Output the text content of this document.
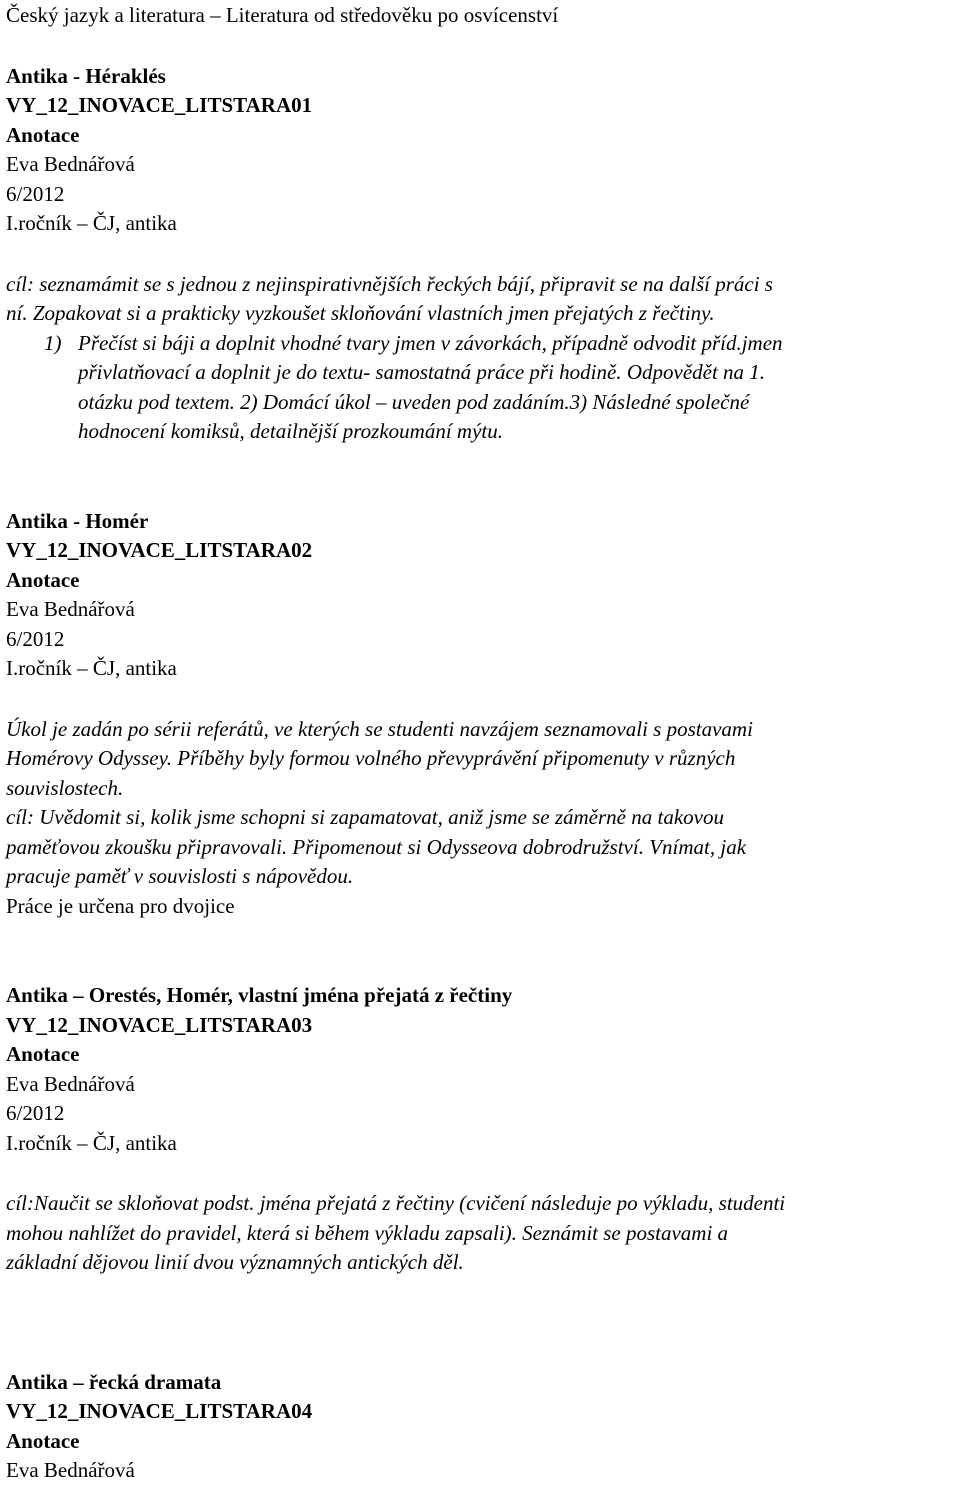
Český jazyk a literatura – Literatura od středověku po osvícenství
Antika - Héraklés
VY_12_INOVACE_LITSTARA01
Anotace
Eva Bednářová
6/2012
I.ročník – ČJ, antika
cíl: seznamámit se s jednou z nejinspirativnějších řeckých bájí, připravit se na další práci s
ní. Zopakovat si a prakticky vyzkoušet skloňování vlastních jmen přejatých z řečtiny.
1) Přečíst si báji a doplnit vhodné tvary jmen v závorkách, případně odvodit příd.jmen
přivlatňovací a doplnit je do textu- samostatná práce při hodině. Odpovědět na 1.
otázku pod textem. 2) Domácí úkol – uveden pod zadáním.3) Následné společné
hodnocení komiksů, detailnější prozkoumání mýtu.
Antika - Homér
VY_12_INOVACE_LITSTARA02
Anotace
Eva Bednářová
6/2012
I.ročník – ČJ, antika
Úkol je zadán po sérii referátů, ve kterých se studenti navzájem seznamovali s postavami
Homérovy Odyssey. Příběhy byly formou volného převyprávění připomenuty v různých
souvislostech.
cíl: Uvědomit si, kolik jsme schopni si zapamatovat, aniž jsme se záměrně na takovou
paměťovou zkoušku připravovali. Připomenout si Odysseova dobrodružství. Vnímat, jak
pracuje paměť v souvislosti s nápovědou.
Práce je určena pro dvojice
Antika – Orestés, Homér, vlastní jména přejatá z řečtiny
VY_12_INOVACE_LITSTARA03
Anotace
Eva Bednářová
6/2012
I.ročník – ČJ, antika
cíl:Naučit se skloňovat podst. jména přejatá z řečtiny (cvičení následuje po výkladu, studenti
mohou nahlížet do pravidel, která si během výkladu zapsali). Seznámit se postavami a
základní dějovou linií dvou významných antických děl.
Antika – řecká dramata
VY_12_INOVACE_LITSTARA04
Anotace
Eva Bednářová
